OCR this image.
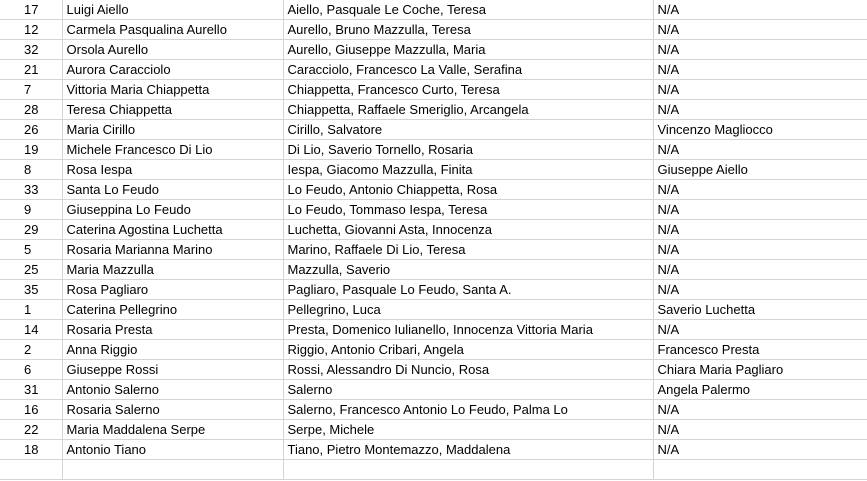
17	Luigi Aiello	Aiello, Pasquale Le Coche, Teresa	N/A
12	Carmela Pasqualina Aurello	Aurello, Bruno Mazzulla, Teresa	N/A
32	Orsola Aurello	Aurello, Giuseppe Mazzulla, Maria	N/A
21	Aurora Caracciolo	Caracciolo, Francesco La Valle, Serafina	N/A
7	Vittoria Maria Chiappetta	Chiappetta, Francesco Curto, Teresa	N/A
28	Teresa Chiappetta	Chiappetta, Raffaele Smeriglio, Arcangela	N/A
26	Maria Cirillo	Cirillo, Salvatore	Vincenzo Magliocco
19	Michele Francesco Di Lio	Di Lio, Saverio Tornello, Rosaria	N/A
8	Rosa Iespa	Iespa, Giacomo Mazzulla, Finita	Giuseppe Aiello
33	Santa Lo Feudo	Lo Feudo, Antonio Chiappetta, Rosa	N/A
9	Giuseppina Lo Feudo	Lo Feudo, Tommaso Iespa, Teresa	N/A
29	Caterina Agostina Luchetta	Luchetta, Giovanni Asta, Innocenza	N/A
5	Rosaria Marianna Marino	Marino, Raffaele Di Lio, Teresa	N/A
25	Maria Mazzulla	Mazzulla, Saverio	N/A
35	Rosa Pagliaro	Pagliaro, Pasquale Lo Feudo, Santa A.	N/A
1	Caterina Pellegrino	Pellegrino, Luca	Saverio Luchetta
14	Rosaria Presta	Presta, Domenico Iulianello, Innocenza Vittoria Maria	N/A
2	Anna Riggio	Riggio, Antonio Cribari, Angela	Francesco Presta
6	Giuseppe Rossi	Rossi, Alessandro Di Nuncio, Rosa	Chiara Maria Pagliaro
31	Antonio Salerno	Salerno	Angela Palermo
16	Rosaria Salerno	Salerno, Francesco Antonio Lo Feudo, Palma Lo	N/A
22	Maria Maddalena Serpe	Serpe, Michele	N/A
18	Antonio Tiano	Tiano, Pietro Montemazzo, Maddalena	N/A
